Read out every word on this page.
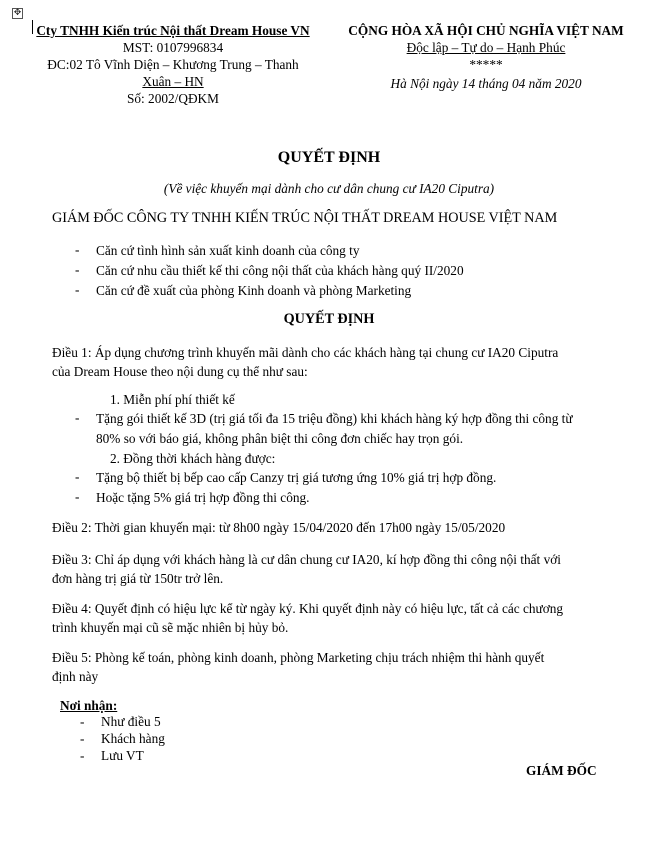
✥
Cty TNHH Kiến trúc Nội thất Dream House VN
MST: 0107996834
ĐC:02 Tô Vĩnh Diện – Khương Trung – Thanh
Xuân – HN
Số: 2002/QĐKM
CỘNG HÒA XÃ HỘI CHỦ NGHĨA VIỆT NAM
Độc lập – Tự do – Hạnh Phúc
*****
Hà Nội ngày 14 tháng 04 năm 2020
QUYẾT ĐỊNH
(Về việc khuyến mại dành cho cư dân chung cư IA20 Ciputra)
GIÁM ĐỐC CÔNG TY TNHH KIẾN TRÚC NỘI THẤT DREAM HOUSE VIỆT NAM
- Căn cứ tình hình sản xuất kinh doanh của công ty
- Căn cứ nhu cầu thiết kế thi công nội thất của khách hàng quý II/2020
- Căn cứ đề xuất của phòng Kinh doanh và phòng Marketing
QUYẾT ĐỊNH
Điều 1: Áp dụng chương trình khuyến mãi dành cho các khách hàng tại chung cư IA20 Ciputra
của Dream House theo nội dung cụ thể như sau:
1. Miễn phí phí thiết kế
- Tặng gói thiết kế 3D (trị giá tối đa 15 triệu đồng) khi khách hàng ký hợp đồng thi công từ
80% so với báo giá, không phân biệt thi công đơn chiếc hay trọn gói.
2. Đồng thời khách hàng được:
- Tặng bộ thiết bị bếp cao cấp Canzy trị giá tương ứng 10% giá trị hợp đồng.
- Hoặc tặng 5% giá trị hợp đồng thi công.
Điều 2: Thời gian khuyến mại: từ 8h00 ngày 15/04/2020 đến 17h00 ngày 15/05/2020
Điều 3: Chỉ áp dụng với khách hàng là cư dân chung cư IA20, kí hợp đồng thi công nội thất với
đơn hàng trị giá từ 150tr trở lên.
Điều 4: Quyết định có hiệu lực kể từ ngày ký. Khi quyết định này có hiệu lực, tất cả các chương
trình khuyến mại cũ sẽ mặc nhiên bị hủy bỏ.
Điều 5: Phòng kế toán, phòng kinh doanh, phòng Marketing chịu trách nhiệm thi hành quyết
định này
Nơi nhận:
- Như điều 5
- Khách hàng
- Lưu VT
GIÁM ĐỐC
